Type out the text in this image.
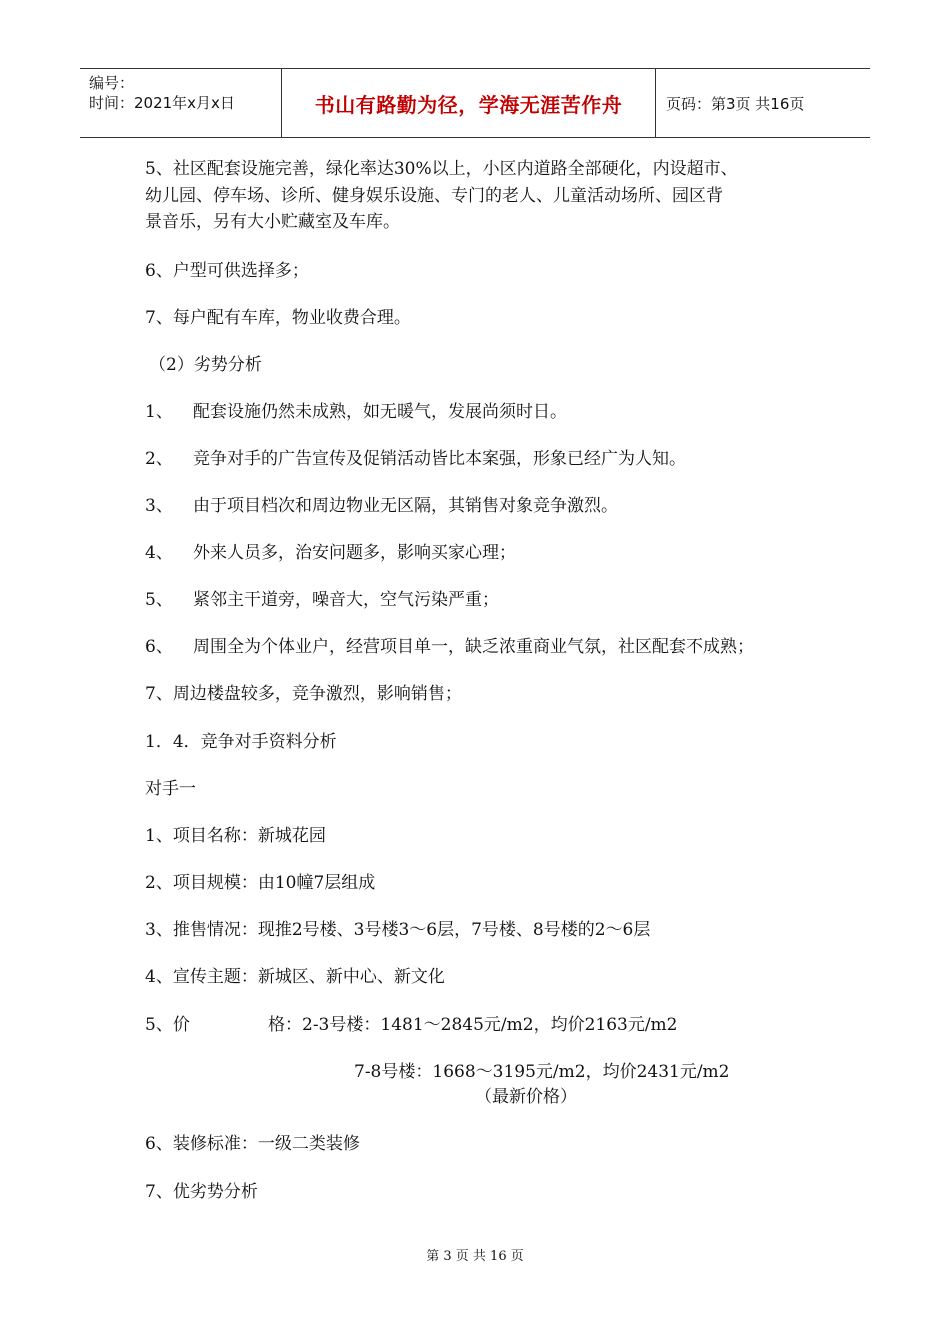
编号：
时间：2021年x月x日	书山有路勤为径，学海无涯苦作舟	页码：第3页 共16页
5、社区配套设施完善，绿化率达30%以上，小区内道路全部硬化，内设超市、
幼儿园、停车场、诊所、健身娱乐设施、专门的老人、儿童活动场所、园区背
景音乐，另有大小贮藏室及车库。
6、户型可供选择多；
7、每户配有车库，物业收费合理。
（2）劣势分析
1、 配套设施仍然未成熟，如无暖气，发展尚须时日。
2、 竞争对手的广告宣传及促销活动皆比本案强，形象已经广为人知。
3、 由于项目档次和周边物业无区隔，其销售对象竞争激烈。
4、 外来人员多，治安问题多，影响买家心理；
5、 紧邻主干道旁，噪音大，空气污染严重；
6、 周围全为个体业户，经营项目单一，缺乏浓重商业气氛，社区配套不成熟；
7、周边楼盘较多，竞争激烈，影响销售；
1．4．竞争对手资料分析
对手一
1、项目名称：新城花园
2、项目规模：由10幢7层组成
3、推售情况：现推2号楼、3号楼3～6层，7号楼、8号楼的2～6层
4、宣传主题：新城区、新中心、新文化
5、价	格：2-3号楼：1481～2845元/m2，均价2163元/m2
7-8号楼：1668～3195元/m2，均价2431元/m2
（最新价格）
6、装修标准：一级二类装修
7、优劣势分析
第 3 页 共 16 页
